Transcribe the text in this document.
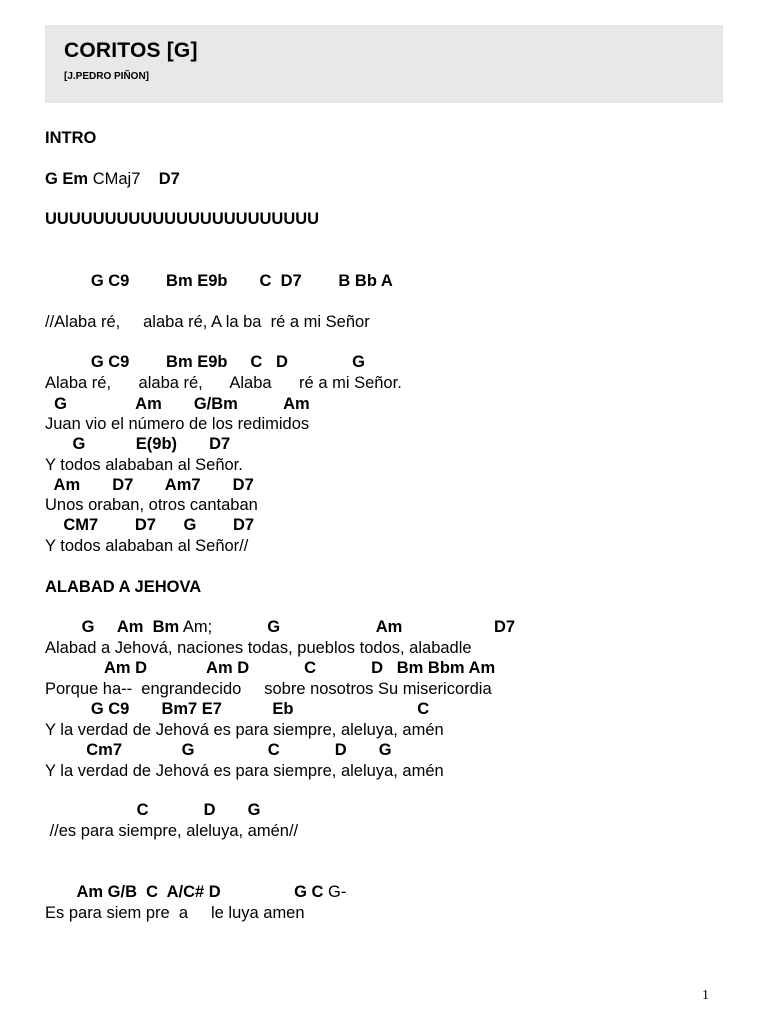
CORITOS [G]
[J.PEDRO PIÑON]
INTRO
G Em CMaj7    D7
UUUUUUUUUUUUUUUUUUUUUUU
G C9        Bm E9b       C  D7        B Bb A
//Alaba ré,     alaba ré, A la ba  ré a mi Señor
G C9        Bm E9b     C   D              G
Alaba ré,      alaba ré,      Alaba      ré a mi Señor.
G               Am       G/Bm          Am
Juan vio el número de los redimidos
G           E(9b)       D7
Y todos alababan al Señor.
Am       D7       Am7       D7
Unos oraban, otros cantaban
CM7        D7      G        D7
Y todos alababan al Señor//
ALABAD A JEHOVA
G     Am  Bm Am;            G                     Am                    D7
Alabad a Jehová, naciones todas, pueblos todos, alabadle
Am D             Am D            C            D   Bm Bbm Am
Porque ha--  engrandecido     sobre nosotros Su misericordia
G C9       Bm7 E7           Eb                           C
Y la verdad de Jehová es para siempre, aleluya, amén
Cm7             G                C            D       G
Y la verdad de Jehová es para siempre, aleluya, amén
C            D       G
//es para siempre, aleluya, amén//
Am G/B  C  A/C# D                G C G-
Es para siem pre  a     le luya amen
1
